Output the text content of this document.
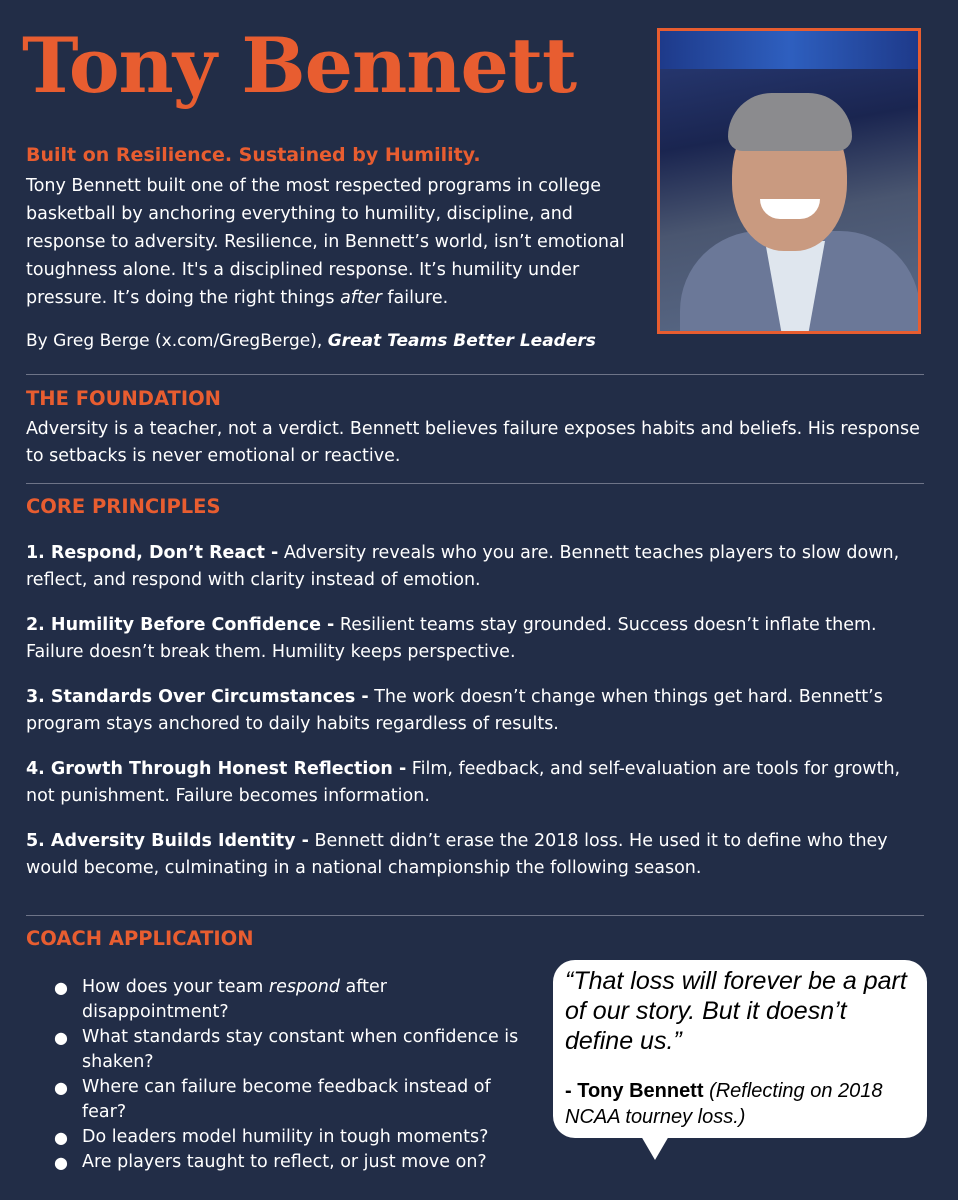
Tony Bennett

Built on Resilience. Sustained by Humility.

Tony Bennett built one of the most respected programs in college basketball by anchoring everything to humility, discipline, and response to adversity. Resilience, in Bennett’s world, isn’t emotional toughness alone. It's a disciplined response. It’s humility under pressure. It’s doing the right things after failure.

By Greg Berge (x.com/GregBerge), Great Teams Better Leaders

THE FOUNDATION

Adversity is a teacher, not a verdict. Bennett believes failure exposes habits and beliefs. His response to setbacks is never emotional or reactive.

CORE PRINCIPLES

1. Respond, Don’t React - Adversity reveals who you are. Bennett teaches players to slow down, reflect, and respond with clarity instead of emotion.

2. Humility Before Confidence - Resilient teams stay grounded. Success doesn’t inflate them. Failure doesn’t break them. Humility keeps perspective.

3. Standards Over Circumstances - The work doesn’t change when things get hard. Bennett’s program stays anchored to daily habits regardless of results.

4. Growth Through Honest Reflection - Film, feedback, and self-evaluation are tools for growth, not punishment. Failure becomes information.

5. Adversity Builds Identity - Bennett didn’t erase the 2018 loss. He used it to define who they would become, culminating in a national championship the following season.

COACH APPLICATION
● How does your team respond after disappointment?
● What standards stay constant when confidence is shaken?
● Where can failure become feedback instead of fear?
● Do leaders model humility in tough moments?
● Are players taught to reflect, or just move on?

“That loss will forever be a part of our story. But it doesn’t define us.”

- Tony Bennett (Reflecting on 2018 NCAA tourney loss.)
